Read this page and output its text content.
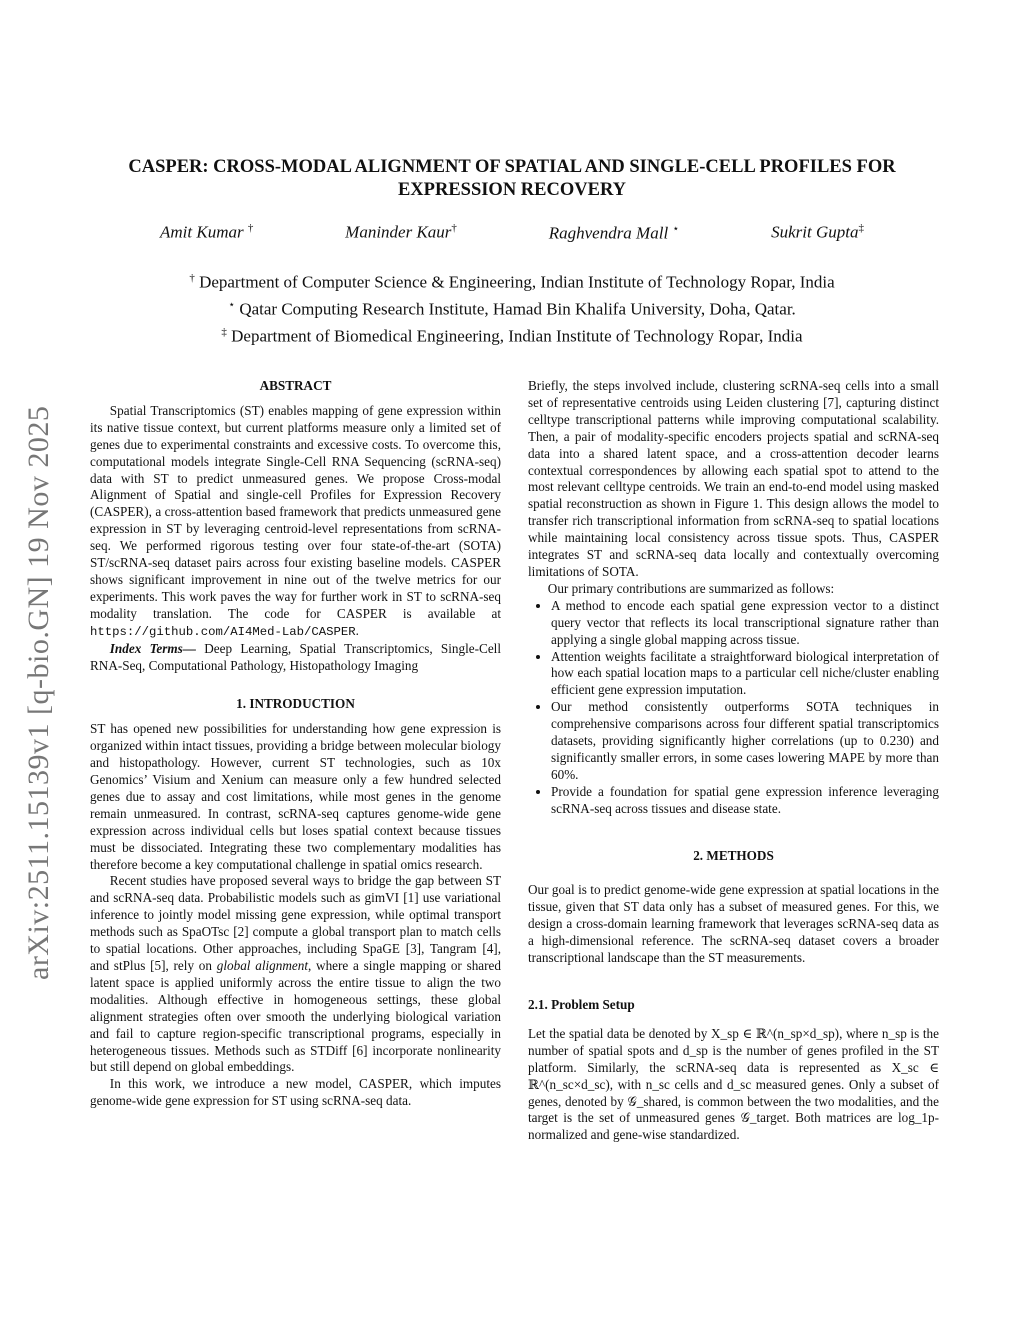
arXiv:2511.15139v1 [q-bio.GN] 19 Nov 2025
CASPER: CROSS-MODAL ALIGNMENT OF SPATIAL AND SINGLE-CELL PROFILES FOR
EXPRESSION RECOVERY
Amit Kumar †	Maninder Kaur†	Raghvendra Mall ⋆	Sukrit Gupta‡
† Department of Computer Science & Engineering, Indian Institute of Technology Ropar, India
⋆ Qatar Computing Research Institute, Hamad Bin Khalifa University, Doha, Qatar.
‡ Department of Biomedical Engineering, Indian Institute of Technology Ropar, India
ABSTRACT

Spatial Transcriptomics (ST) enables mapping of gene expression within its native tissue context, but current platforms measure only a limited set of genes due to experimental constraints and excessive costs. To overcome this, computational models integrate Single-Cell RNA Sequencing (scRNA-seq) data with ST to predict unmeasured genes. We propose Cross-modal Alignment of Spatial and single-cell Profiles for Expression Recovery (CASPER), a cross-attention based framework that predicts unmeasured gene expression in ST by leveraging centroid-level representations from scRNA-seq. We performed rigorous testing over four state-of-the-art (SOTA) ST/scRNA-seq dataset pairs across four existing baseline models. CASPER shows significant improvement in nine out of the twelve metrics for our experiments. This work paves the way for further work in ST to scRNA-seq modality translation. The code for CASPER is available at https://github.com/AI4Med-Lab/CASPER.

Index Terms— Deep Learning, Spatial Transcriptomics, Single-Cell RNA-Seq, Computational Pathology, Histopathology Imaging

1. INTRODUCTION

ST has opened new possibilities for understanding how gene expression is organized within intact tissues, providing a bridge between molecular biology and histopathology. However, current ST technologies, such as 10x Genomics’ Visium and Xenium can measure only a few hundred selected genes due to assay and cost limitations, while most genes in the genome remain unmeasured. In contrast, scRNA-seq captures genome-wide gene expression across individual cells but loses spatial context because tissues must be dissociated. Integrating these two complementary modalities has therefore become a key computational challenge in spatial omics research.

Recent studies have proposed several ways to bridge the gap between ST and scRNA-seq data. Probabilistic models such as gimVI [1] use variational inference to jointly model missing gene expression, while optimal transport methods such as SpaOTsc [2] compute a global transport plan to match cells to spatial locations. Other approaches, including SpaGE [3], Tangram [4], and stPlus [5], rely on global alignment, where a single mapping or shared latent space is applied uniformly across the entire tissue to align the two modalities. Although effective in homogeneous settings, these global alignment strategies often over smooth the underlying biological variation and fail to capture region-specific transcriptional programs, especially in heterogeneous tissues. Methods such as STDiff [6] incorporate nonlinearity but still depend on global embeddings.

In this work, we introduce a new model, CASPER, which imputes genome-wide gene expression for ST using scRNA-seq data.

Briefly, the steps involved include, clustering scRNA-seq cells into a small set of representative centroids using Leiden clustering [7], capturing distinct celltype transcriptional patterns while improving computational scalability. Then, a pair of modality-specific encoders projects spatial and scRNA-seq data into a shared latent space, and a cross-attention decoder learns contextual correspondences by allowing each spatial spot to attend to the most relevant celltype centroids. We train an end-to-end model using masked spatial reconstruction as shown in Figure 1. This design allows the model to transfer rich transcriptional information from scRNA-seq to spatial locations while maintaining local consistency across tissue spots. Thus, CASPER integrates ST and scRNA-seq data locally and contextually overcoming limitations of SOTA.

Our primary contributions are summarized as follows:

• A method to encode each spatial gene expression vector to a distinct query vector that reflects its local transcriptional signature rather than applying a single global mapping across tissue.
• Attention weights facilitate a straightforward biological interpretation of how each spatial location maps to a particular cell niche/cluster enabling efficient gene expression imputation.
• Our method consistently outperforms SOTA techniques in comprehensive comparisons across four different spatial transcriptomics datasets, providing significantly higher correlations (up to 0.230) and significantly smaller errors, in some cases lowering MAPE by more than 60%.
• Provide a foundation for spatial gene expression inference leveraging scRNA-seq across tissues and disease state.
2. METHODS

Our goal is to predict genome-wide gene expression at spatial locations in the tissue, given that ST data only has a subset of measured genes. For this, we design a cross-domain learning framework that leverages scRNA-seq data as a high-dimensional reference. The scRNA-seq dataset covers a broader transcriptional landscape than the ST measurements.

2.1. Problem Setup

Let the spatial data be denoted by X_sp ∈ ℝ^(n_sp×d_sp), where n_sp is the number of spatial spots and d_sp is the number of genes profiled in the ST platform. Similarly, the scRNA-seq data is represented as X_sc ∈ ℝ^(n_sc×d_sc), with n_sc cells and d_sc measured genes. Only a subset of genes, denoted by 𝒢_shared, is common between the two modalities, and the target is the set of unmeasured genes 𝒢_target. Both matrices are log_1p-normalized and gene-wise standardized.
